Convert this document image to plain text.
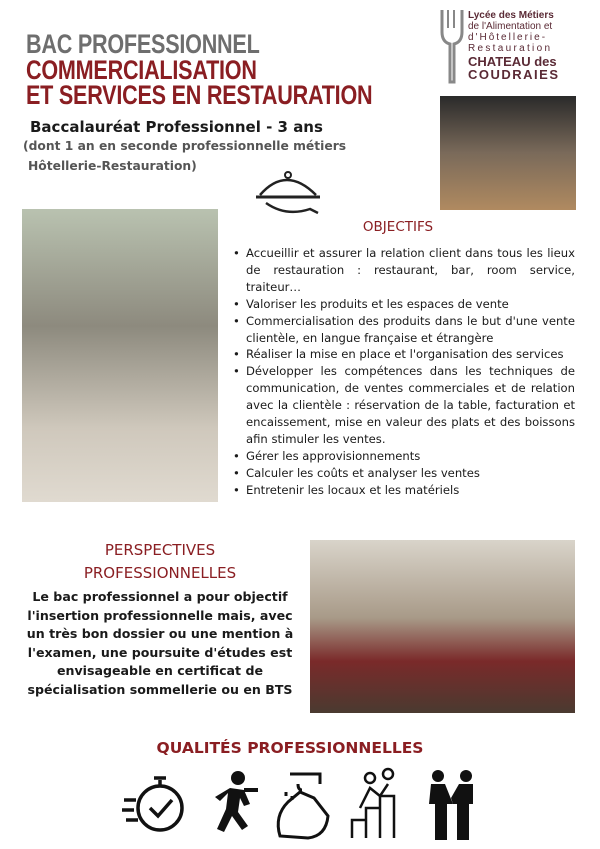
Lycée des Métiers
de l'Alimentation et
d'Hôtellerie-
Restauration
CHATEAU des
COUDRAIES
BAC PROFESSIONNEL
COMMERCIALISATION
ET SERVICES EN RESTAURATION
Baccalauréat Professionnel - 3 ans
(dont 1 an en seconde professionnelle métiers
Hôtellerie-Restauration)
OBJECTIFS
• Accueillir et assurer la relation client dans tous les lieux de restauration : restaurant, bar, room service, traiteur…
• Valoriser les produits et les espaces de vente
• Commercialisation des produits dans le but d'une vente clientèle, en langue française et étrangère
• Réaliser la mise en place et l'organisation des services
• Développer les compétences dans les techniques de communication, de ventes commerciales et de relation avec la clientèle : réservation de la table, facturation et encaissement, mise en valeur des plats et des boissons afin stimuler les ventes.
• Gérer les approvisionnements
• Calculer les coûts et analyser les ventes
• Entretenir les locaux et les matériels
PERSPECTIVES
PROFESSIONNELLES
Le bac professionnel a pour objectif l'insertion professionnelle mais, avec un très bon dossier ou une mention à l'examen, une poursuite d'études est envisageable en certificat de spécialisation sommellerie ou en BTS
QUALITÉS PROFESSIONNELLES
